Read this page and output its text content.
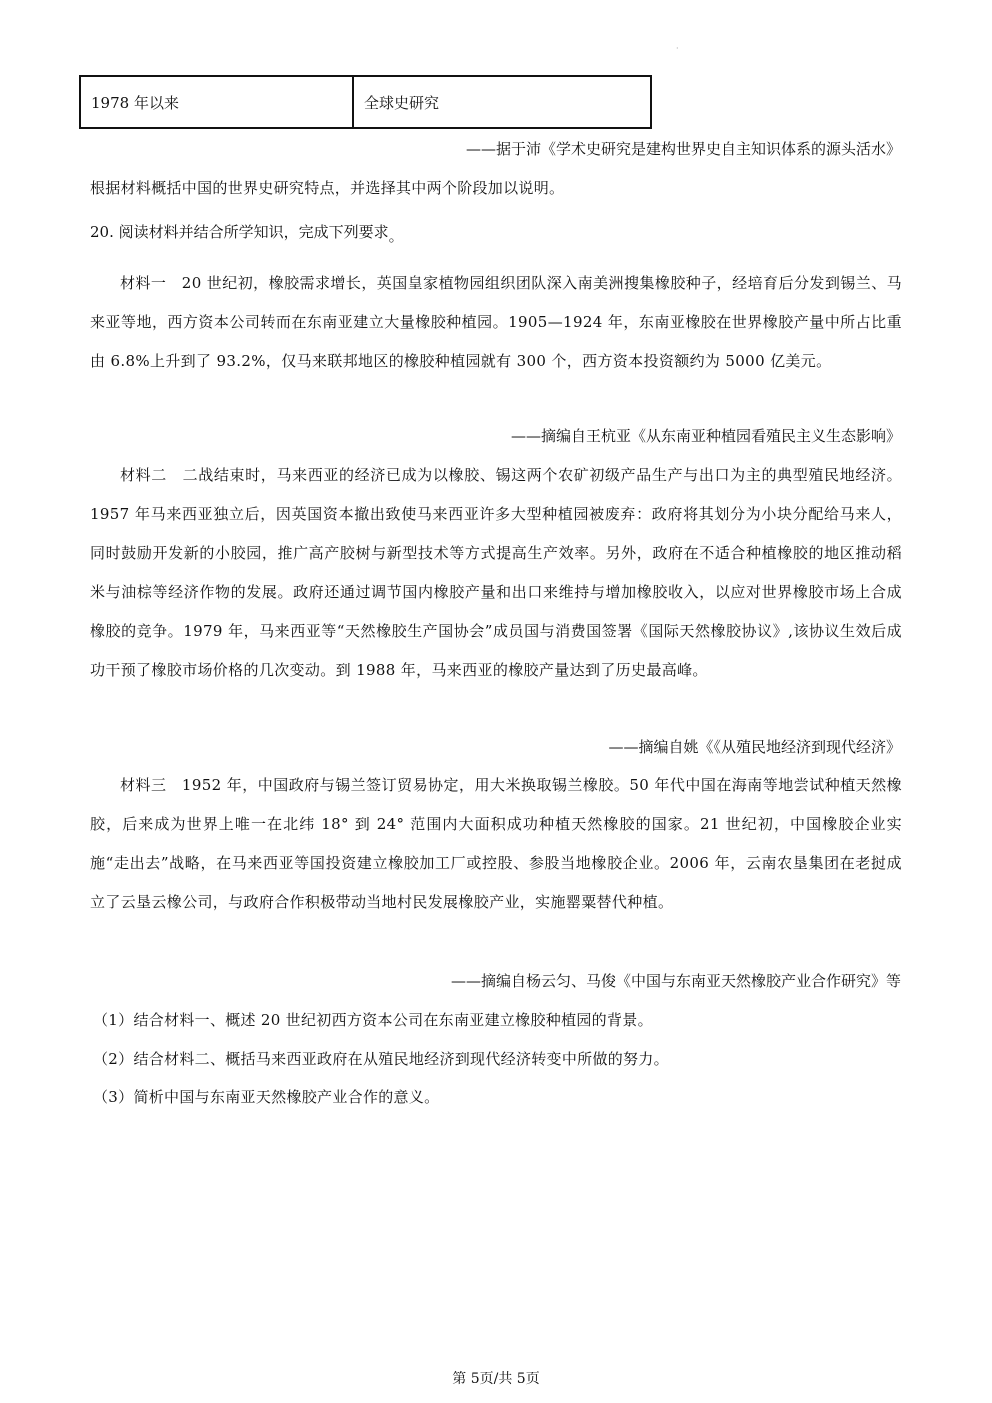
·
1978 年以来	全球史研究
——据于沛《学术史研究是建构世界史自主知识体系的源头活水》
根据材料概括中国的世界史研究特点，并选择其中两个阶段加以说明。
20. 阅读材料并结合所学知识，完成下列要求。
材料一　20 世纪初，橡胶需求增长，英国皇家植物园组织团队深入南美洲搜集橡胶种子，经培育后分发到锡兰、马来亚等地，西方资本公司转而在东南亚建立大量橡胶种植园。1905—1924 年，东南亚橡胶在世界橡胶产量中所占比重由 6.8%上升到了 93.2%，仅马来联邦地区的橡胶种植园就有 300 个，西方资本投资额约为 5000 亿美元。
——摘编自王杭亚《从东南亚种植园看殖民主义生态影响》
材料二　二战结束时，马来西亚的经济已成为以橡胶、锡这两个农矿初级产品生产与出口为主的典型殖民地经济。1957 年马来西亚独立后，因英国资本撤出致使马来西亚许多大型种植园被废弃：政府将其划分为小块分配给马来人，同时鼓励开发新的小胶园，推广高产胶树与新型技术等方式提高生产效率。另外，政府在不适合种植橡胶的地区推动稻米与油棕等经济作物的发展。政府还通过调节国内橡胶产量和出口来维持与增加橡胶收入，以应对世界橡胶市场上合成橡胶的竞争。1979 年，马来西亚等“天然橡胶生产国协会”成员国与消费国签署《国际天然橡胶协议》,该协议生效后成功干预了橡胶市场价格的几次变动。到 1988 年，马来西亚的橡胶产量达到了历史最高峰。
——摘编自姚《《从殖民地经济到现代经济》
材料三　1952 年，中国政府与锡兰签订贸易协定，用大米换取锡兰橡胶。50 年代中国在海南等地尝试种植天然橡胶，后来成为世界上唯一在北纬 18° 到 24° 范围内大面积成功种植天然橡胶的国家。21 世纪初，中国橡胶企业实施“走出去”战略，在马来西亚等国投资建立橡胶加工厂或控股、参股当地橡胶企业。2006 年，云南农垦集团在老挝成立了云垦云橡公司，与政府合作积极带动当地村民发展橡胶产业，实施罂粟替代种植。
——摘编自杨云匀、马俊《中国与东南亚天然橡胶产业合作研究》等
（1）结合材料一、概述 20 世纪初西方资本公司在东南亚建立橡胶种植园的背景。
（2）结合材料二、概括马来西亚政府在从殖民地经济到现代经济转变中所做的努力。
（3）简析中国与东南亚天然橡胶产业合作的意义。
第 5页/共 5页
